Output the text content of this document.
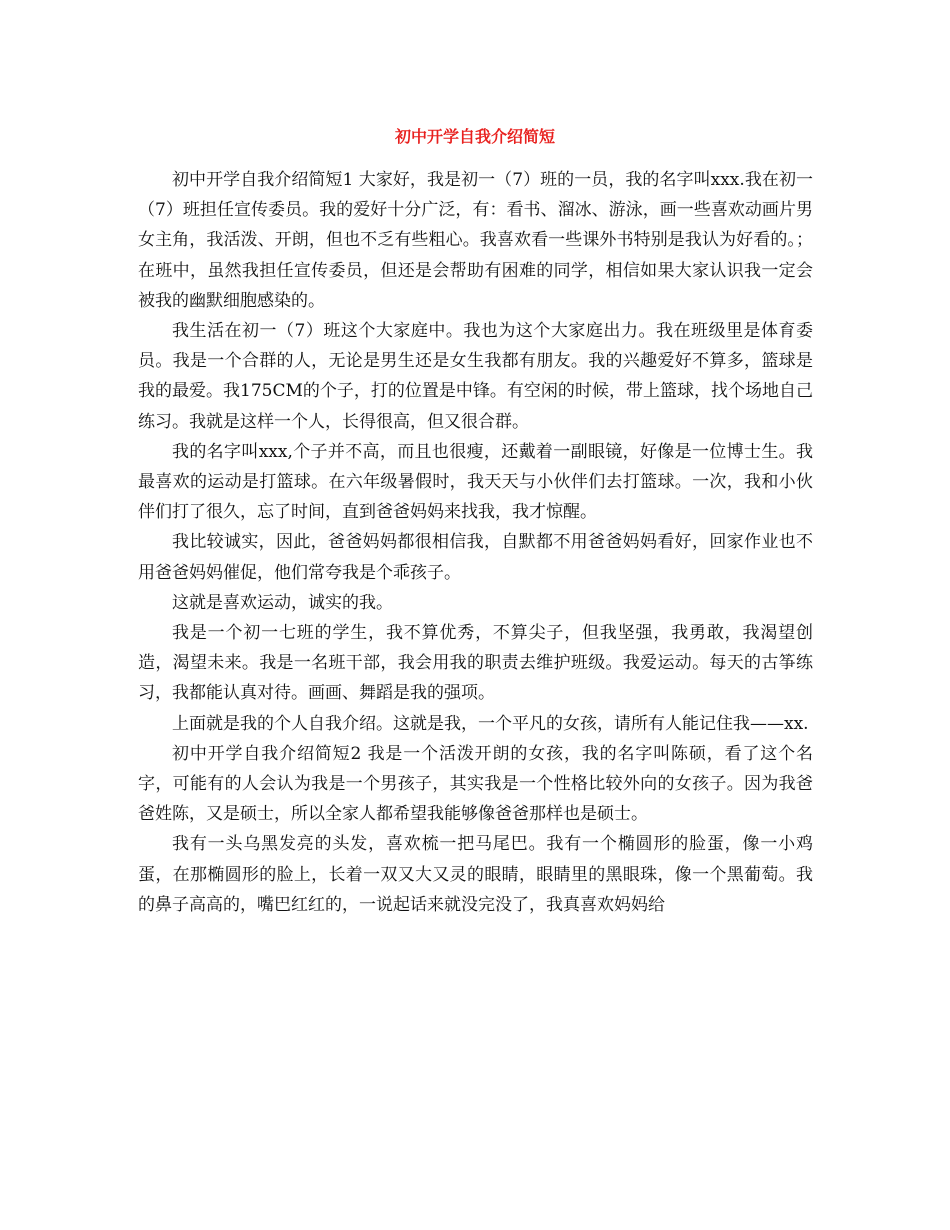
初中开学自我介绍简短

初中开学自我介绍简短1 大家好，我是初一（7）班的一员，我的名字叫xxx.我在初一（7）班担任宣传委员。我的爱好十分广泛，有：看书、溜冰、游泳，画一些喜欢动画片男女主角，我活泼、开朗，但也不乏有些粗心。我喜欢看一些课外书特别是我认为好看的。；在班中，虽然我担任宣传委员，但还是会帮助有困难的同学，相信如果大家认识我一定会被我的幽默细胞感染的。

我生活在初一（7）班这个大家庭中。我也为这个大家庭出力。我在班级里是体育委员。我是一个合群的人，无论是男生还是女生我都有朋友。我的兴趣爱好不算多，篮球是我的最爱。我175CM的个子，打的位置是中锋。有空闲的时候，带上篮球，找个场地自己练习。我就是这样一个人，长得很高，但又很合群。

我的名字叫xxx,个子并不高，而且也很瘦，还戴着一副眼镜，好像是一位博士生。我最喜欢的运动是打篮球。在六年级暑假时，我天天与小伙伴们去打篮球。一次，我和小伙伴们打了很久，忘了时间，直到爸爸妈妈来找我，我才惊醒。

我比较诚实，因此，爸爸妈妈都很相信我，自默都不用爸爸妈妈看好，回家作业也不用爸爸妈妈催促，他们常夸我是个乖孩子。

这就是喜欢运动，诚实的我。

我是一个初一七班的学生，我不算优秀，不算尖子，但我坚强，我勇敢，我渴望创造，渴望未来。我是一名班干部，我会用我的职责去维护班级。我爱运动。每天的古筝练习，我都能认真对待。画画、舞蹈是我的强项。

上面就是我的个人自我介绍。这就是我，一个平凡的女孩，请所有人能记住我——xx.

初中开学自我介绍简短2 我是一个活泼开朗的女孩，我的名字叫陈硕，看了这个名字，可能有的人会认为我是一个男孩子，其实我是一个性格比较外向的女孩子。因为我爸爸姓陈，又是硕士，所以全家人都希望我能够像爸爸那样也是硕士。

我有一头乌黑发亮的头发，喜欢梳一把马尾巴。我有一个椭圆形的脸蛋，像一小鸡蛋，在那椭圆形的脸上，长着一双又大又灵的眼睛，眼睛里的黑眼珠，像一个黑葡萄。我的鼻子高高的，嘴巴红红的，一说起话来就没完没了，我真喜欢妈妈给
